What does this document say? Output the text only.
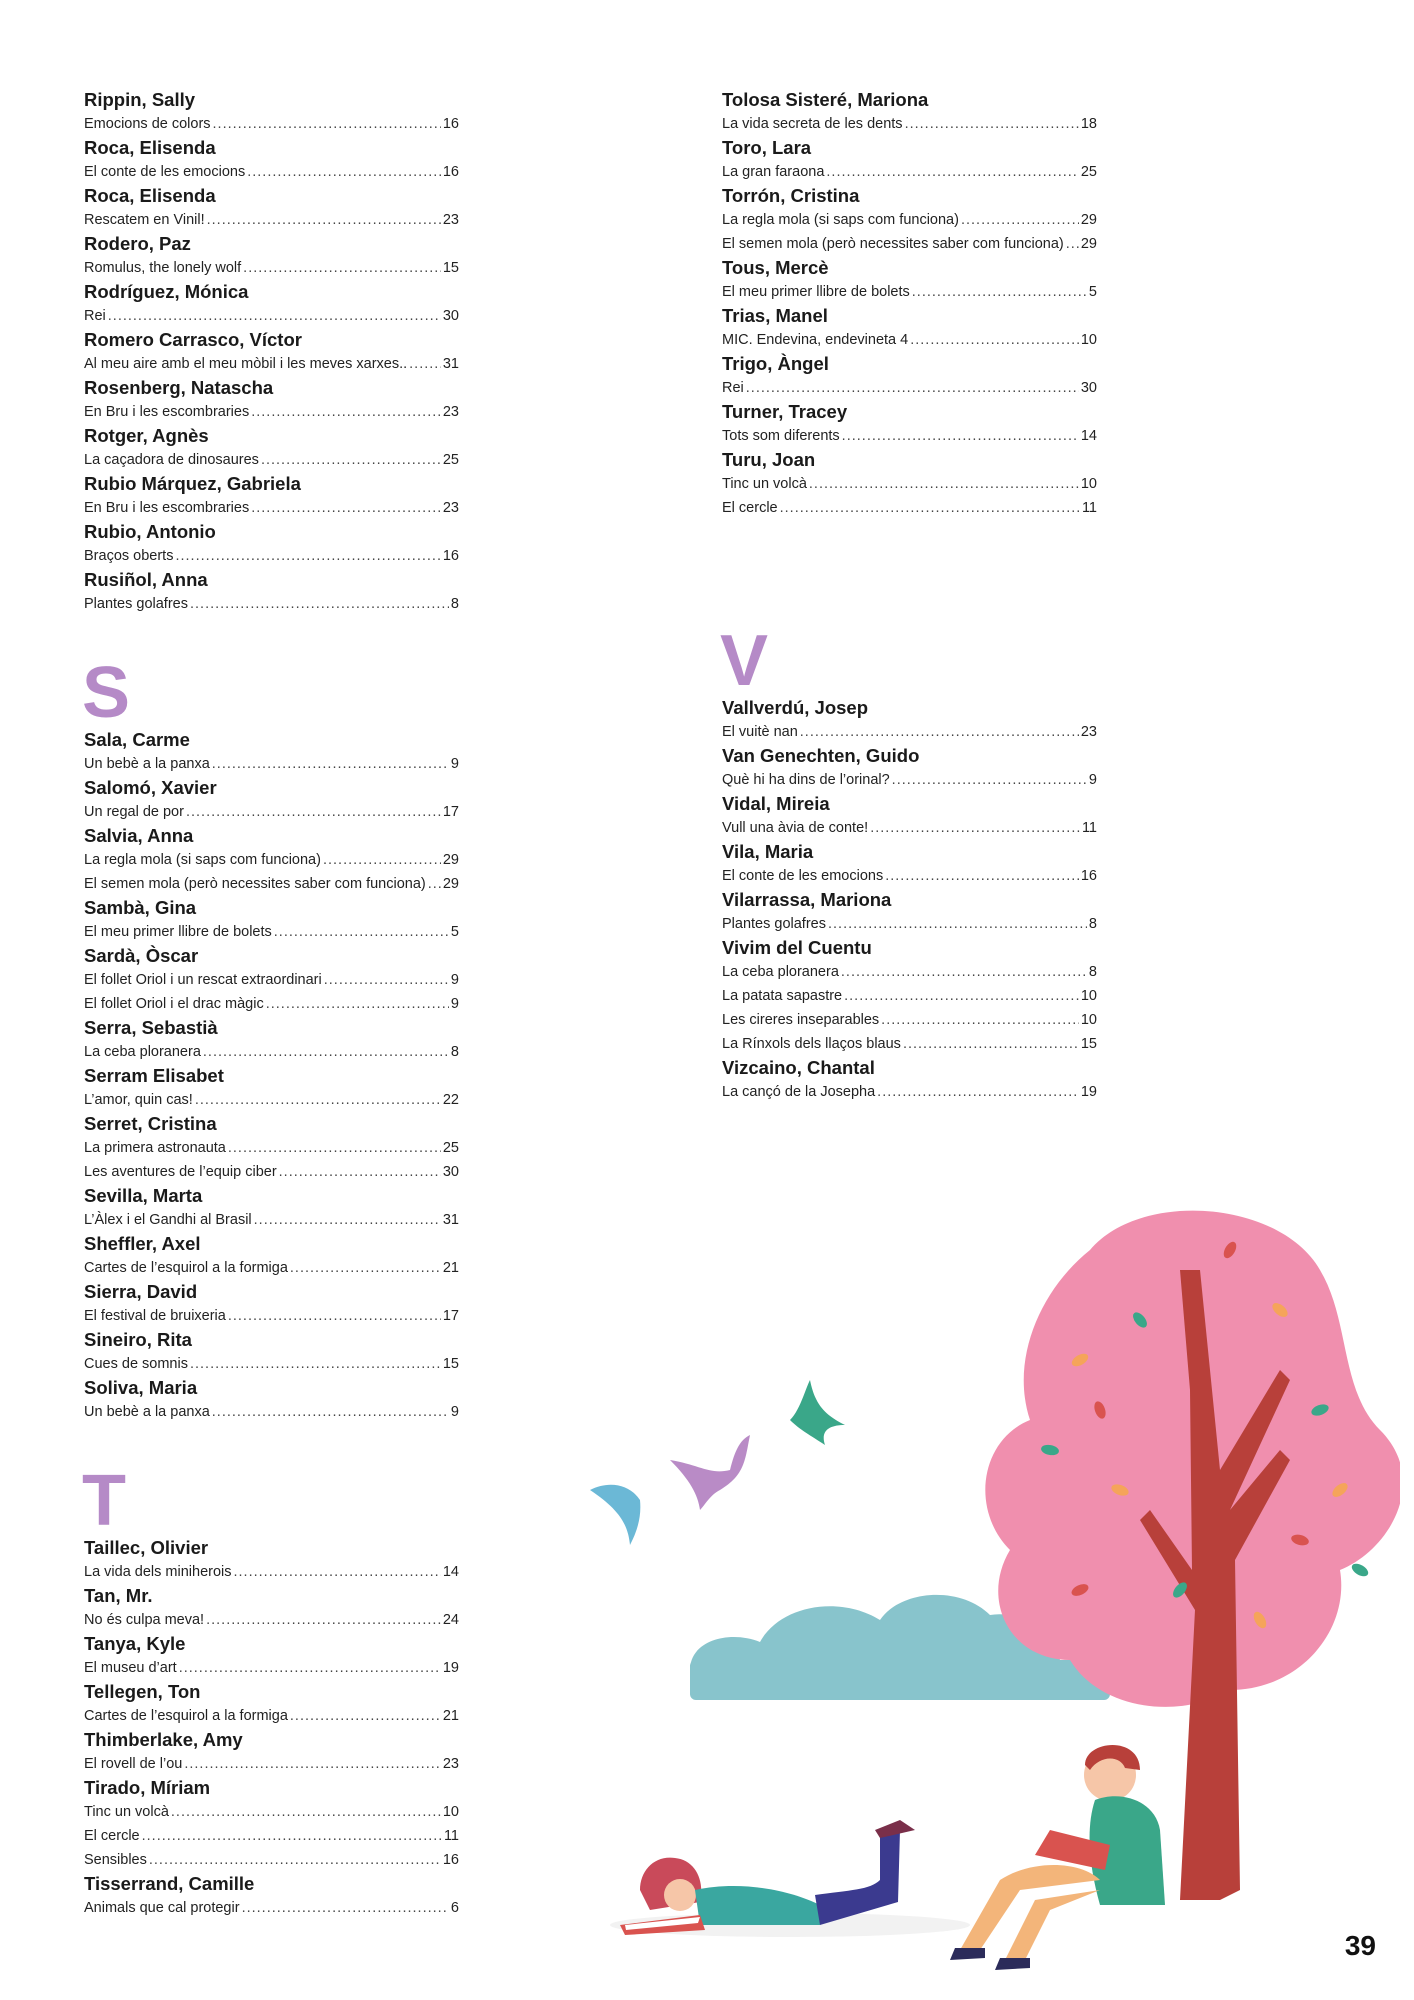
Rippin, Sally
Emocions de colors .....	16
Roca, Elisenda
El conte de les emocions .....	16
Roca, Elisenda
Rescatem en Vinil! .....	23
Rodero, Paz
Romulus, the lonely wolf .....	15
Rodríguez, Mónica
Rei .....	30
Romero Carrasco, Víctor
Al meu aire amb el meu mòbil i les meves xarxes.. ..... 31
Rosenberg, Natascha
En Bru i les escombraries .....	23
Rotger, Agnès
La caçadora de dinosaures .....	25
Rubio Márquez, Gabriela
En Bru i les escombraries .....	23
Rubio, Antonio
Braços oberts .....	16
Rusiñol, Anna
Plantes golafres .....	8
S
Sala, Carme
Un bebè a la panxa .....	9
Salomó, Xavier
Un regal de por .....	17
Salvia, Anna
La regla mola (si saps com funciona) .....	29
El semen mola (però necessites saber com funciona) ..... 29
Sambà, Gina
El meu primer llibre de bolets .....	5
Sardà, Òscar
El follet Oriol i un rescat extraordinari .....	9
El follet Oriol i el drac màgic .....	9
Serra, Sebastià
La ceba ploranera .....	8
Serram Elisabet
L’amor, quin cas! .....	22
Serret, Cristina
La primera astronauta .....	25
Les aventures de l’equip ciber .....	30
Sevilla, Marta
L’Àlex i el Gandhi al Brasil .....	31
Sheffler, Axel
Cartes de l’esquirol a la formiga .....	21
Sierra, David
El festival de bruixeria .....	17
Sineiro, Rita
Cues de somnis .....	15
Soliva, Maria
Un bebè a la panxa .....	9
T
Taillec, Olivier
La vida dels miniherois .....	14
Tan, Mr.
No és culpa meva! .....	24
Tanya, Kyle
El museu d’art .....	19
Tellegen, Ton
Cartes de l’esquirol a la formiga .....	21
Thimberlake, Amy
El rovell de l’ou .....	23
Tirado, Míriam
Tinc un volcà .....	10
El cercle .....	11
Sensibles .....	16
Tisserrand, Camille
Animals que cal protegir .....	6
Tolosa Sisteré, Mariona
La vida secreta de les dents .....	18
Toro, Lara
La gran faraona .....	25
Torrón, Cristina
La regla mola (si saps com funciona) .....	29
El semen mola (però necessites saber com funciona) ..... 29
Tous, Mercè
El meu primer llibre de bolets .....	5
Trias, Manel
MIC. Endevina, endevineta 4 .....	10
Trigo, Àngel
Rei .....	30
Turner, Tracey
Tots som diferents .....	14
Turu, Joan
Tinc un volcà .....	10
El cercle .....	11
V
Vallverdú, Josep
El vuitè nan .....	23
Van Genechten, Guido
Què hi ha dins de l’orinal? .....	9
Vidal, Mireia
Vull una àvia de conte! .....	11
Vila, Maria
El conte de les emocions .....	16
Vilarrassa, Mariona
Plantes golafres .....	8
Vivim del Cuentu
La ceba ploranera .....	8
La patata sapastre .....	10
Les cireres inseparables .....	10
La Rínxols dels llaços blaus .....	15
Vizcaino, Chantal
La cançó de la Josepha .....	19
39
